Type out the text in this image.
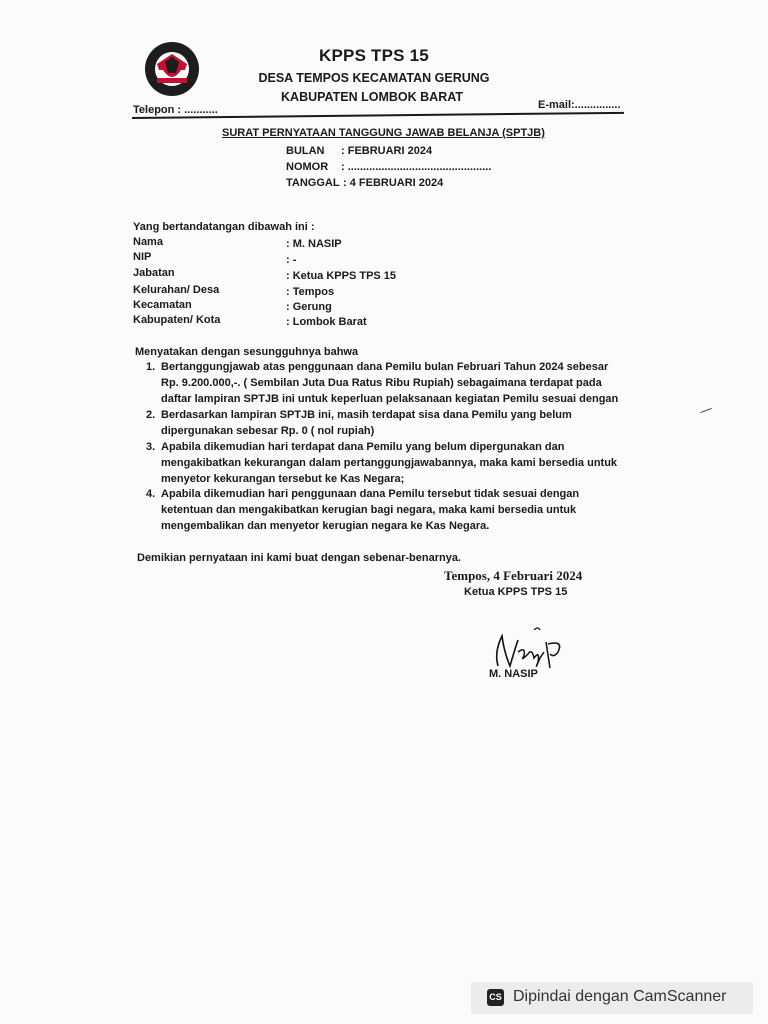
KPPS TPS 15
DESA TEMPOS KECAMATAN GERUNG
KABUPATEN LOMBOK BARAT
Telepon : ...........	E-mail:...............
SURAT PERNYATAAN TANGGUNG JAWAB BELANJA (SPTJB)
BULAN : FEBRUARI 2024
NOMOR : ...............................................
TANGGAL : 4 FEBRUARI 2024
Yang bertandatangan dibawah ini :
Nama	: M. NASIP
NIP	: -
Jabatan	: Ketua KPPS TPS 15
Kelurahan/ Desa	: Tempos
Kecamatan	: Gerung
Kabupaten/ Kota	: Lombok Barat
Menyatakan dengan sesungguhnya bahwa
1. Bertanggungjawab atas penggunaan dana Pemilu bulan Februari Tahun 2024 sebesar
Rp. 9.200.000,-. ( Sembilan Juta Dua Ratus Ribu Rupiah) sebagaimana terdapat pada
daftar lampiran SPTJB ini untuk keperluan pelaksanaan kegiatan Pemilu sesuai dengan
2. Berdasarkan lampiran SPTJB ini, masih terdapat sisa dana Pemilu yang belum
dipergunakan sebesar Rp. 0 ( nol rupiah)
3. Apabila dikemudian hari terdapat dana Pemilu yang belum dipergunakan dan
mengakibatkan kekurangan dalam pertanggungjawabannya, maka kami bersedia untuk
menyetor kekurangan tersebut ke Kas Negara;
4. Apabila dikemudian hari penggunaan dana Pemilu tersebut tidak sesuai dengan
ketentuan dan mengakibatkan kerugian bagi negara, maka kami bersedia untuk
mengembalikan dan menyetor kerugian negara ke Kas Negara.
Demikian pernyataan ini kami buat dengan sebenar-benarnya.
Tempos, 4 Februari 2024
Ketua KPPS TPS 15
M. NASIP
CS Dipindai dengan CamScanner
